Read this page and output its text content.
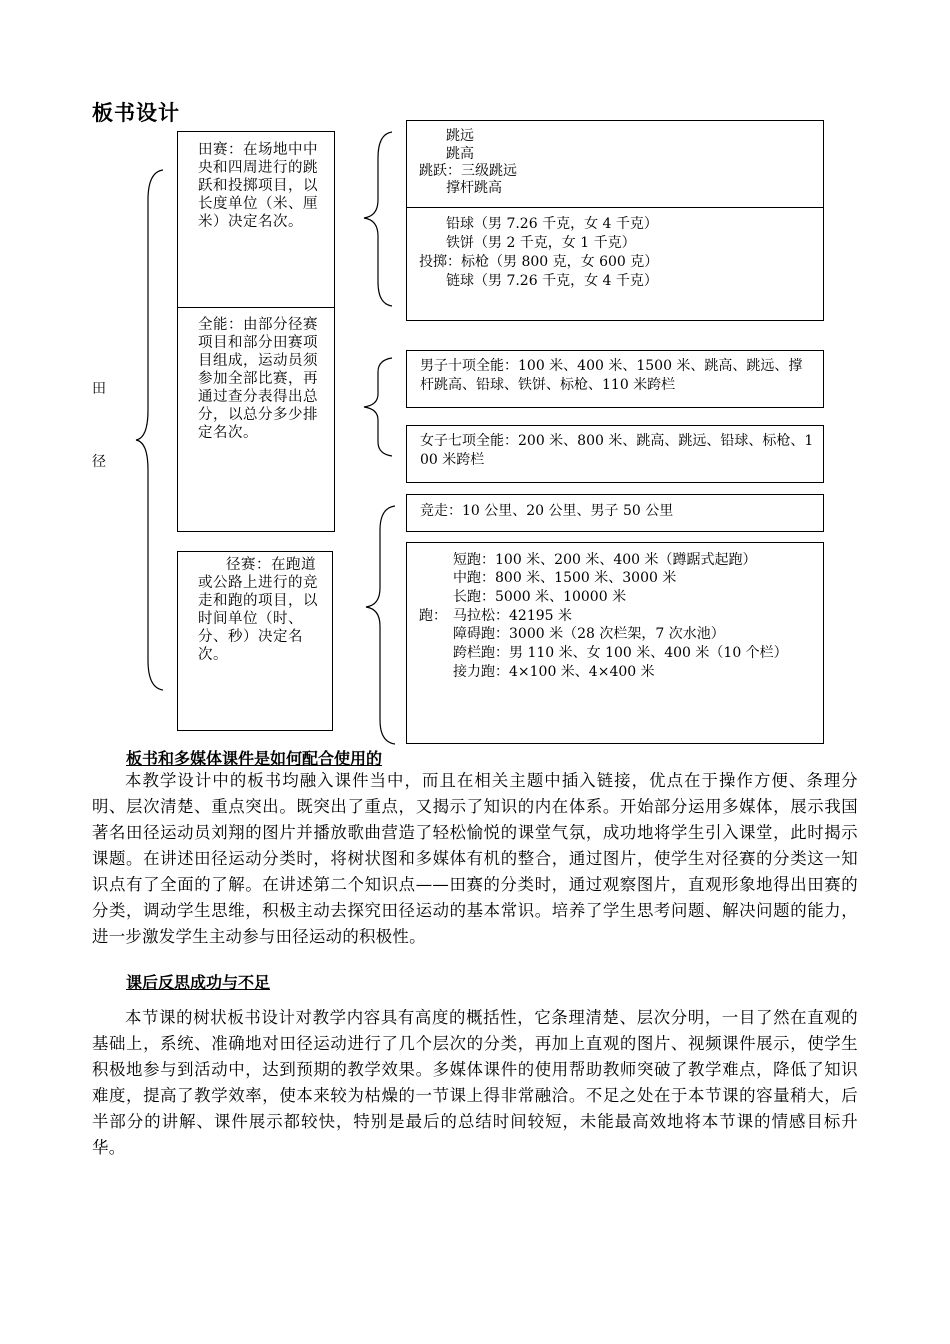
板书设计
田
径
田赛：在场地中中央和四周进行的跳跃和投掷项目，以长度单位（米、厘米）决定名次。
全能：由部分径赛项目和部分田赛项目组成，运动员须参加全部比赛，再通过查分表得出总分，以总分多少排定名次。
径赛：在跑道或公路上进行的竞走和跑的项目，以时间单位（时、分、秒）决定名次。
跳远
跳高
跳跃： 三级跳远
撑杆跳高
铅球（男 7.26 千克，女 4 千克）
铁饼（男 2 千克，女 1 千克）
投掷： 标枪（男 800 克，女 600 克）
链球（男 7.26 千克，女 4 千克）
男子十项全能：100 米、400 米、1500 米、跳高、跳远、撑杆跳高、铅球、铁饼、标枪、110 米跨栏
女子七项全能：200 米、800 米、跳高、跳远、铅球、标枪、100 米跨栏
竞走：10 公里、20 公里、男子 50 公里
短跑：100 米、200 米、400 米（蹲踞式起跑）
中跑：800 米、1500 米、3000 米
长跑：5000 米、10000 米
跑： 马拉松：42195 米
障碍跑：3000 米（28 次栏架，7 次水池）
跨栏跑：男 110 米、女 100 米、400 米（10 个栏）
接力跑：4×100 米、4×400 米
板书和多媒体课件是如何配合使用的
本教学设计中的板书均融入课件当中，而且在相关主题中插入链接，优点在于操作方便、条理分明、层次清楚、重点突出。既突出了重点，又揭示了知识的内在体系。开始部分运用多媒体，展示我国著名田径运动员刘翔的图片并播放歌曲营造了轻松愉悦的课堂气氛，成功地将学生引入课堂，此时揭示课题。在讲述田径运动分类时，将树状图和多媒体有机的整合，通过图片，使学生对径赛的分类这一知识点有了全面的了解。在讲述第二个知识点——田赛的分类时，通过观察图片，直观形象地得出田赛的分类，调动学生思维，积极主动去探究田径运动的基本常识。培养了学生思考问题、解决问题的能力，进一步激发学生主动参与田径运动的积极性。
课后反思成功与不足
本节课的树状板书设计对教学内容具有高度的概括性，它条理清楚、层次分明，一目了然在直观的基础上，系统、准确地对田径运动进行了几个层次的分类，再加上直观的图片、视频课件展示，使学生积极地参与到活动中，达到预期的教学效果。多媒体课件的使用帮助教师突破了教学难点，降低了知识难度，提高了教学效率，使本来较为枯燥的一节课上得非常融洽。不足之处在于本节课的容量稍大，后半部分的讲解、课件展示都较快，特别是最后的总结时间较短，未能最高效地将本节课的情感目标升华。
